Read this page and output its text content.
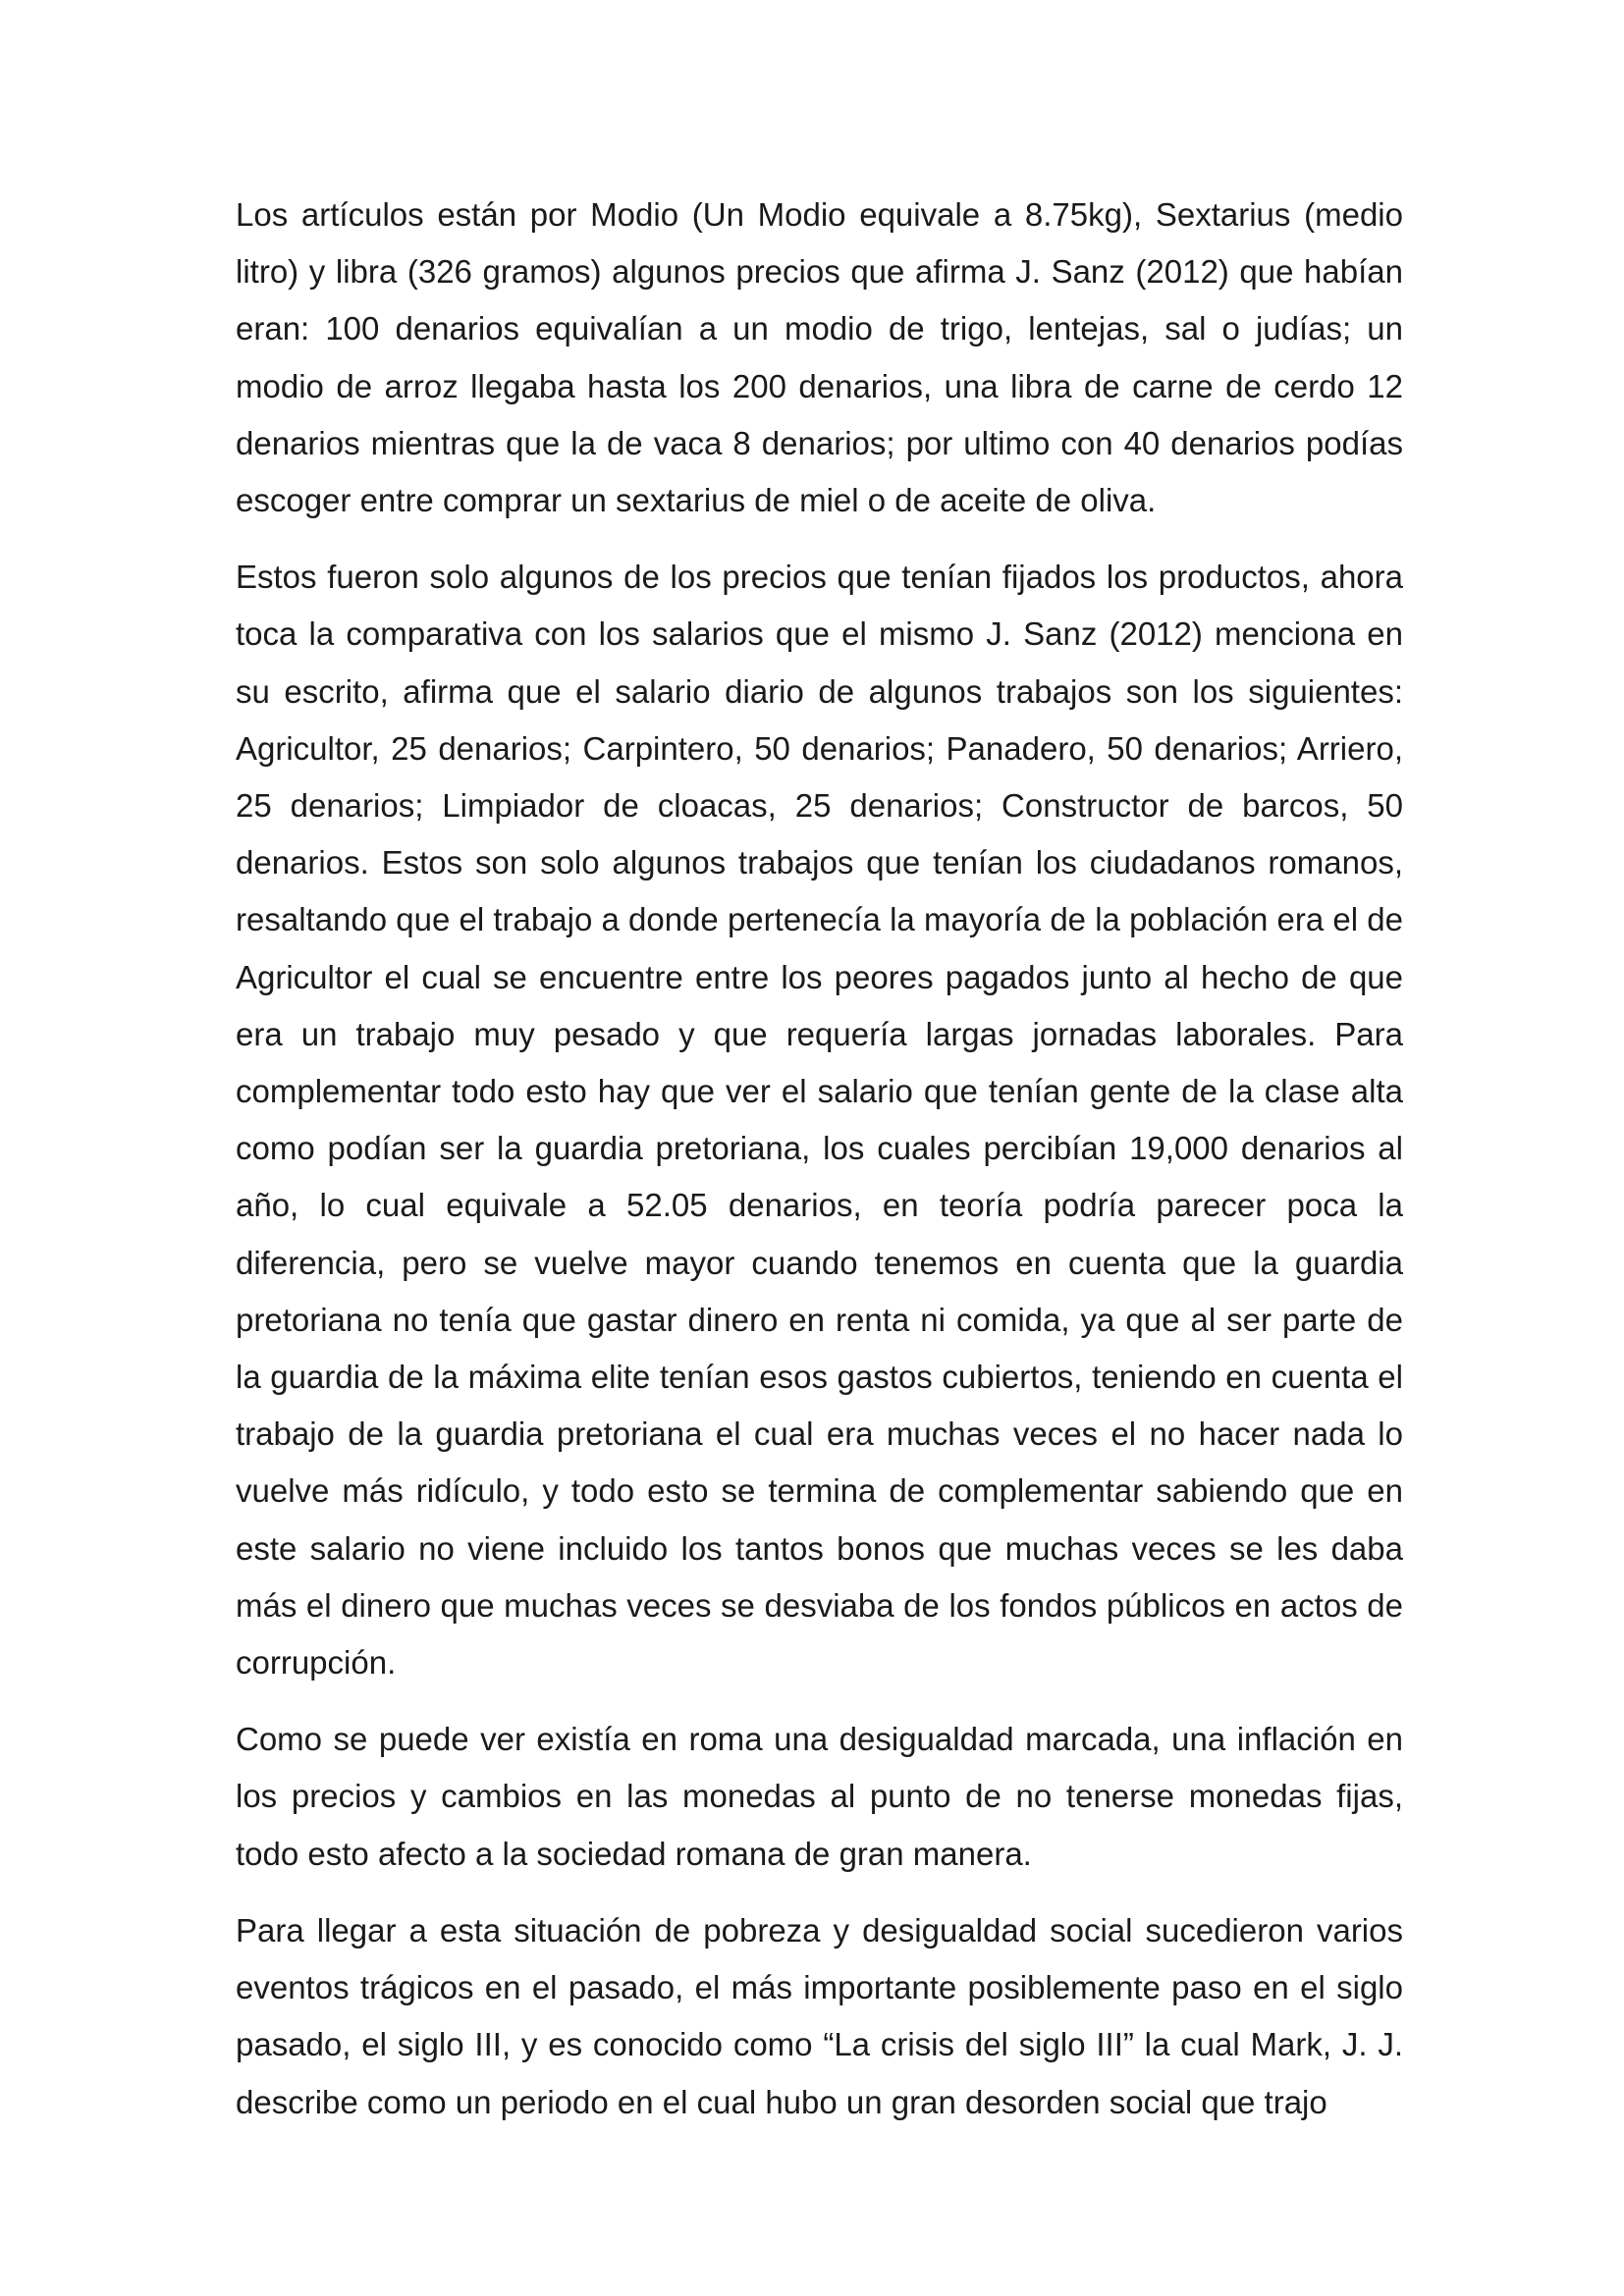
Los artículos están por Modio (Un Modio equivale a 8.75kg), Sextarius (medio litro) y libra (326 gramos) algunos precios que afirma J. Sanz (2012) que habían eran: 100 denarios equivalían a un modio de trigo, lentejas, sal o judías; un modio de arroz llegaba hasta los 200 denarios, una libra de carne de cerdo 12 denarios mientras que la de vaca 8 denarios; por ultimo con 40 denarios podías escoger entre comprar un sextarius de miel o de aceite de oliva.

Estos fueron solo algunos de los precios que tenían fijados los productos, ahora toca la comparativa con los salarios que el mismo J. Sanz (2012) menciona en su escrito, afirma que el salario diario de algunos trabajos son los siguientes: Agricultor, 25 denarios; Carpintero, 50 denarios; Panadero, 50 denarios; Arriero, 25 denarios; Limpiador de cloacas, 25 denarios; Constructor de barcos, 50 denarios. Estos son solo algunos trabajos que tenían los ciudadanos romanos, resaltando que el trabajo a donde pertenecía la mayoría de la población era el de Agricultor el cual se encuentre entre los peores pagados junto al hecho de que era un trabajo muy pesado y que requería largas jornadas laborales. Para complementar todo esto hay que ver el salario que tenían gente de la clase alta como podían ser la guardia pretoriana, los cuales percibían 19,000 denarios al año, lo cual equivale a 52.05 denarios, en teoría podría parecer poca la diferencia, pero se vuelve mayor cuando tenemos en cuenta que la guardia pretoriana no tenía que gastar dinero en renta ni comida, ya que al ser parte de la guardia de la máxima elite tenían esos gastos cubiertos, teniendo en cuenta el trabajo de la guardia pretoriana el cual era muchas veces el no hacer nada lo vuelve más ridículo, y todo esto se termina de complementar sabiendo que en este salario no viene incluido los tantos bonos que muchas veces se les daba más el dinero que muchas veces se desviaba de los fondos públicos en actos de corrupción.

Como se puede ver existía en roma una desigualdad marcada, una inflación en los precios y cambios en las monedas al punto de no tenerse monedas fijas, todo esto afecto a la sociedad romana de gran manera.

Para llegar a esta situación de pobreza y desigualdad social sucedieron varios eventos trágicos en el pasado, el más importante posiblemente paso en el siglo pasado, el siglo III, y es conocido como “La crisis del siglo III” la cual Mark, J. J. describe como un periodo en el cual hubo un gran desorden social que trajo
